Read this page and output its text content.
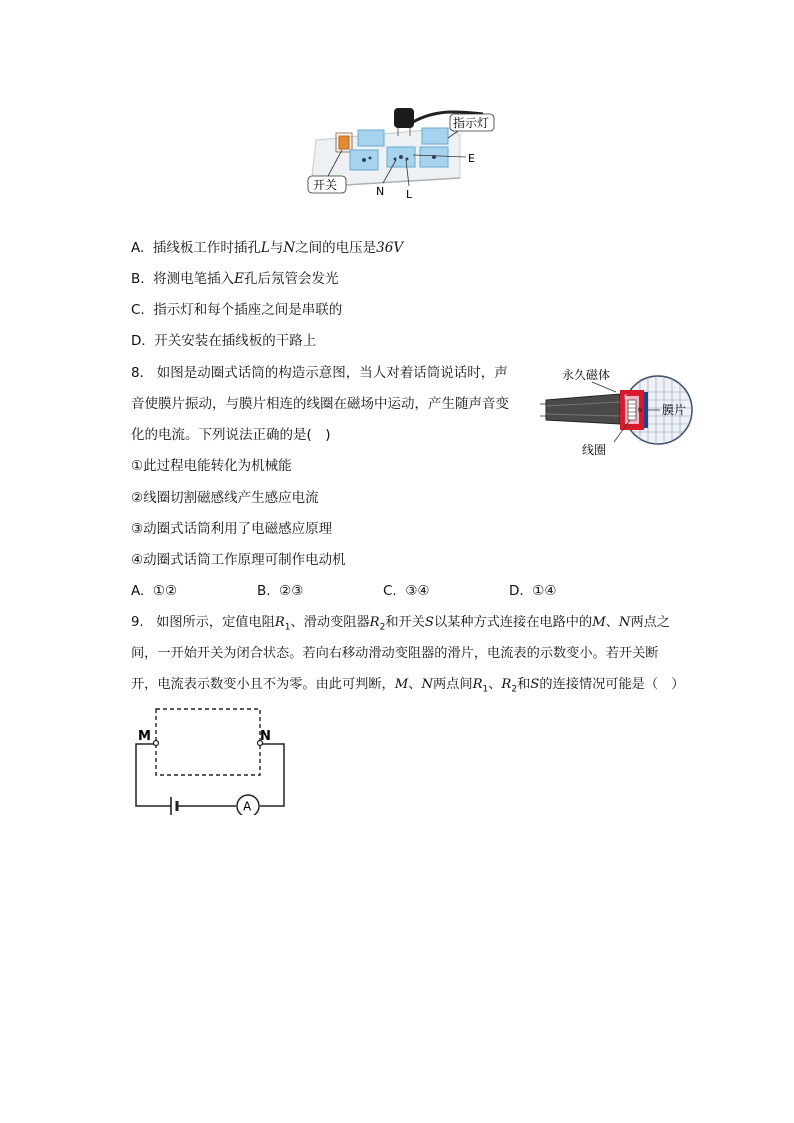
指示灯
E
开关	N L
A. 插线板工作时插孔L与N之间的电压是36V
B. 将测电笔插入E孔后氖管会发光
C. 指示灯和每个插座之间是串联的
D. 开关安装在插线板的干路上
8. 如图是动圈式话筒的构造示意图，当人对着话筒说话时，声
音使膜片振动，与膜片相连的线圈在磁场中运动，产生随声音变
化的电流。下列说法正确的是(　)
永久磁体
S
N 膜片
线圈
①此过程电能转化为机械能
②线圈切割磁感线产生感应电流
③动圈式话筒利用了电磁感应原理
④动圈式话筒工作原理可制作电动机
A. ①②	B. ②③	C. ③④	D. ①④
9. 如图所示，定值电阻$R_1$、滑动变阻器$R_2$和开关S以某种方式连接在电路中的M、N两点之
间，一开始开关为闭合状态。若向右移动滑动变阻器的滑片，电流表的示数变小。若开关断
开，电流表示数变小且不为零。由此可判断，M、N两点间$R_1$、$R_2$和S的连接情况可能是（　）
M	N
A
